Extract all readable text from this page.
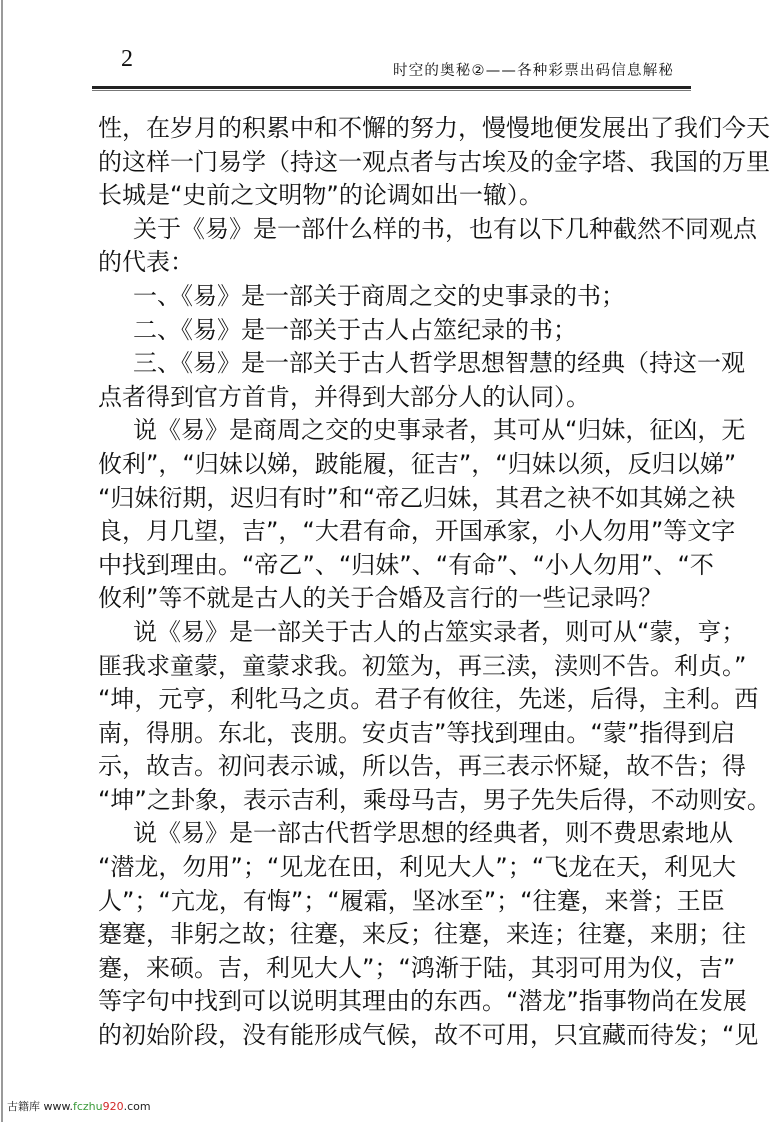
2	时空的奥秘②——各种彩票出码信息解秘
性，在岁月的积累中和不懈的努力，慢慢地便发展出了我们今天
的这样一门易学（持这一观点者与古埃及的金字塔、我国的万里
长城是“史前之文明物”的论调如出一辙）。
关于《易》是一部什么样的书，也有以下几种截然不同观点
的代表：
一、《易》是一部关于商周之交的史事录的书；
二、《易》是一部关于古人占筮纪录的书；
三、《易》是一部关于古人哲学思想智慧的经典（持这一观
点者得到官方首肯，并得到大部分人的认同）。
说《易》是商周之交的史事录者，其可从“归妹，征凶，无
攸利”，“归妹以娣，跛能履，征吉”，“归妹以须，反归以娣”
“归妹衍期，迟归有时”和“帝乙归妹，其君之袂不如其娣之袂
良，月几望，吉”，“大君有命，开国承家，小人勿用”等文字
中找到理由。“帝乙”、“归妹”、“有命”、“小人勿用”、“不
攸利”等不就是古人的关于合婚及言行的一些记录吗？
说《易》是一部关于古人的占筮实录者，则可从“蒙，亨；
匪我求童蒙，童蒙求我。初筮为，再三渎，渎则不告。利贞。”
“坤，元亨，利牝马之贞。君子有攸往，先迷，后得，主利。西
南，得朋。东北，丧朋。安贞吉”等找到理由。“蒙”指得到启
示，故吉。初问表示诚，所以告，再三表示怀疑，故不告；得
“坤”之卦象，表示吉利，乘母马吉，男子先失后得，不动则安。
说《易》是一部古代哲学思想的经典者，则不费思索地从
“潜龙，勿用”；“见龙在田，利见大人”；“飞龙在天，利见大
人”；“亢龙，有悔”；“履霜，坚冰至”；“往蹇，来誉；王臣
蹇蹇，非躬之故；往蹇，来反；往蹇，来连；往蹇，来朋；往
蹇，来硕。吉，利见大人”；“鸿渐于陆，其羽可用为仪，吉”
等字句中找到可以说明其理由的东西。“潜龙”指事物尚在发展
的初始阶段，没有能形成气候，故不可用，只宜藏而待发；“见
古籍库 www.fczhu920.com
